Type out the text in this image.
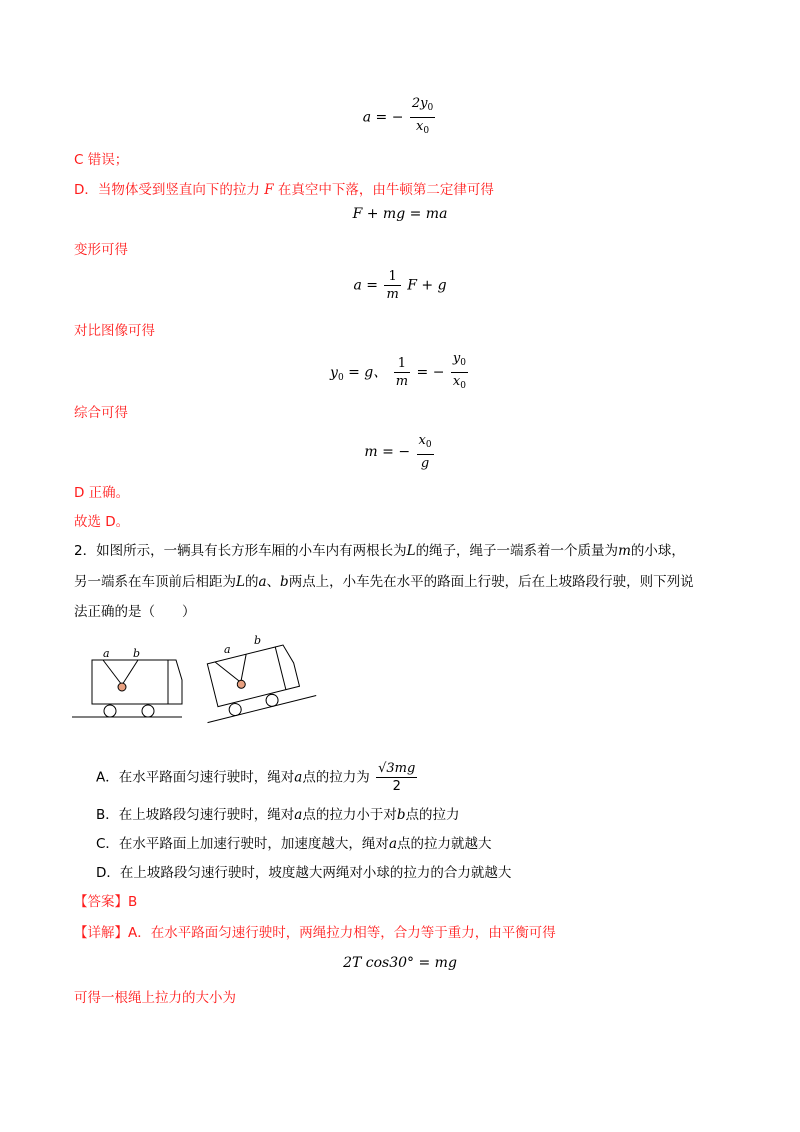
a = − $\frac{2y_0}{x_0}$
C 错误；
D．当物体受到竖直向下的拉力 F 在真空中下落，由牛顿第二定律可得
F + mg = ma
变形可得
$a = \frac{1}{m}$ F + g
对比图像可得
$y_0 = g$、 $\frac{1}{m}$ = − $\frac{y_0}{x_0}$
综合可得
m = − $\frac{x_0}{g}$
D 正确。
故选 D。
2．如图所示，一辆具有长方形车厢的小车内有两根长为L的绳子，绳子一端系着一个质量为m的小球，
另一端系在车顶前后相距为L的a、b两点上，小车先在水平的路面上行驶，后在上坡路段行驶，则下列说
法正确的是（　　）
a b	a
b
A．在水平路面匀速行驶时，绳对a点的拉力为 $\frac{√3mg}{2}$
B．在上坡路段匀速行驶时，绳对a点的拉力小于对b点的拉力
C．在水平路面上加速行驶时，加速度越大，绳对a点的拉力就越大
D．在上坡路段匀速行驶时，坡度越大两绳对小球的拉力的合力就越大
【答案】B
【详解】A．在水平路面匀速行驶时，两绳拉力相等，合力等于重力，由平衡可得
2T cos30° = mg
可得一根绳上拉力的大小为
